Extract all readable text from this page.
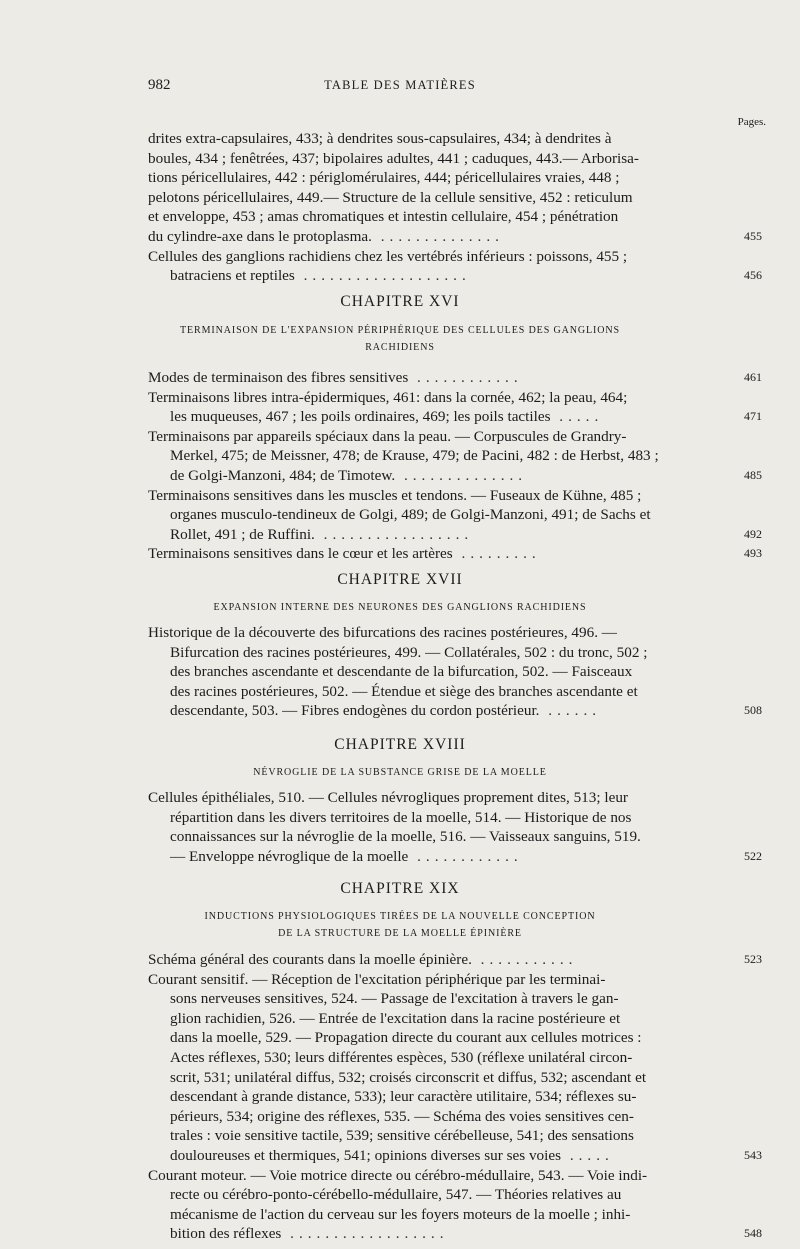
982	TABLE DES MATIÈRES
Pages.
drites extra-capsulaires, 433; à dendrites sous-capsulaires, 434; à dendrites à
boules, 434 ; fenêtrées, 437; bipolaires adultes, 441 ; caduques, 443.— Arborisa-
tions péricellulaires, 442 : périglomérulaires, 444; péricellulaires vraies, 448 ;
pelotons péricellulaires, 449.— Structure de la cellule sensitive, 452 : reticulum
et enveloppe, 453 ; amas chromatiques et intestin cellulaire, 454 ; pénétration
du cylindre-axe dans le protoplasma. ..............	455
Cellules des ganglions rachidiens chez les vertébrés inférieurs : poissons, 455 ;
batraciens et reptiles ...................	456
CHAPITRE XVI
TERMINAISON DE L'EXPANSION PÉRIPHÉRIQUE DES CELLULES DES GANGLIONS
RACHIDIENS
Modes de terminaison des fibres sensitives ............	461
Terminaisons libres intra-épidermiques, 461: dans la cornée, 462; la peau, 464;
les muqueuses, 467 ; les poils ordinaires, 469; les poils tactiles .....	471
Terminaisons par appareils spéciaux dans la peau. — Corpuscules de Grandry-
Merkel, 475; de Meissner, 478; de Krause, 479; de Pacini, 482 : de Herbst, 483 ;
de Golgi-Manzoni, 484; de Timotew. ..............	485
Terminaisons sensitives dans les muscles et tendons. — Fuseaux de Kühne, 485 ;
organes musculo-tendineux de Golgi, 489; de Golgi-Manzoni, 491; de Sachs et
Rollet, 491 ; de Ruffini. .................	492
Terminaisons sensitives dans le cœur et les artères .........	493
CHAPITRE XVII
EXPANSION INTERNE DES NEURONES DES GANGLIONS RACHIDIENS
Historique de la découverte des bifurcations des racines postérieures, 496. —
Bifurcation des racines postérieures, 499. — Collatérales, 502 : du tronc, 502 ;
des branches ascendante et descendante de la bifurcation, 502. — Faisceaux
des racines postérieures, 502. — Étendue et siège des branches ascendante et
descendante, 503. — Fibres endogènes du cordon postérieur. ......	508
CHAPITRE XVIII
NÉVROGLIE DE LA SUBSTANCE GRISE DE LA MOELLE
Cellules épithéliales, 510. — Cellules névrogliques proprement dites, 513; leur
répartition dans les divers territoires de la moelle, 514. — Historique de nos
connaissances sur la névroglie de la moelle, 516. — Vaisseaux sanguins, 519.
— Enveloppe névroglique de la moelle ............	522
CHAPITRE XIX
INDUCTIONS PHYSIOLOGIQUES TIRÉES DE LA NOUVELLE CONCEPTION
DE LA STRUCTURE DE LA MOELLE ÉPINIÈRE
Schéma général des courants dans la moelle épinière. ...........	523
Courant sensitif. — Réception de l'excitation périphérique par les terminai-
sons nerveuses sensitives, 524. — Passage de l'excitation à travers le gan-
glion rachidien, 526. — Entrée de l'excitation dans la racine postérieure et
dans la moelle, 529. — Propagation directe du courant aux cellules motrices :
Actes réflexes, 530; leurs différentes espèces, 530 (réflexe unilatéral circon-
scrit, 531; unilatéral diffus, 532; croisés circonscrit et diffus, 532; ascendant et
descendant à grande distance, 533); leur caractère utilitaire, 534; réflexes su-
périeurs, 534; origine des réflexes, 535. — Schéma des voies sensitives cen-
trales : voie sensitive tactile, 539; sensitive cérébelleuse, 541; des sensations
douloureuses et thermiques, 541; opinions diverses sur ses voies .....	543
Courant moteur. — Voie motrice directe ou cérébro-médullaire, 543. — Voie indi-
recte ou cérébro-ponto-cérébello-médullaire, 547. — Théories relatives au
mécanisme de l'action du cerveau sur les foyers moteurs de la moelle ; inhi-
bition des réflexes ..................	548
